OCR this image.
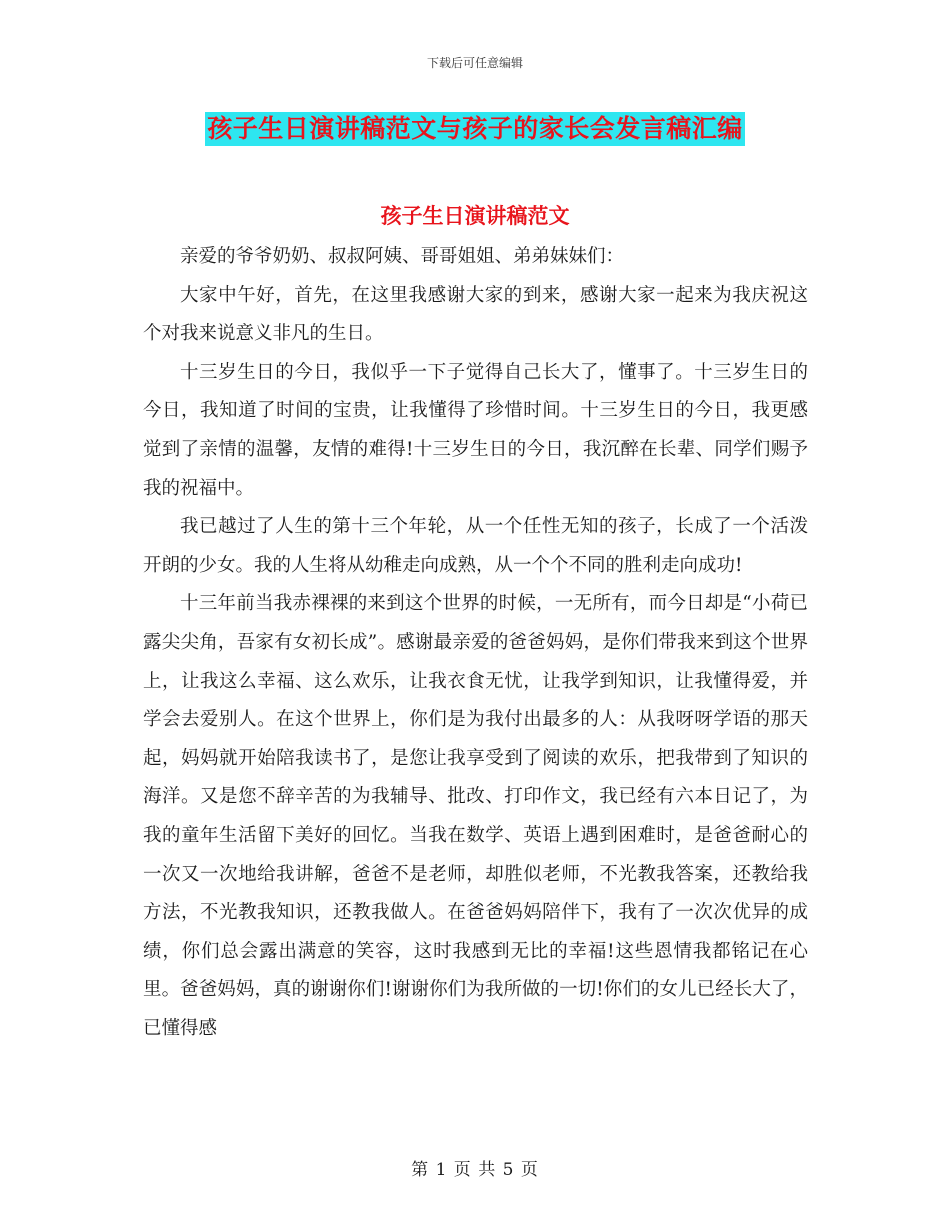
下载后可任意编辑
孩子生日演讲稿范文与孩子的家长会发言稿汇编
孩子生日演讲稿范文

亲爱的爷爷奶奶、叔叔阿姨、哥哥姐姐、弟弟妹妹们：

大家中午好，首先，在这里我感谢大家的到来，感谢大家一起来为我庆祝这个对我来说意义非凡的生日。

十三岁生日的今日，我似乎一下子觉得自己长大了，懂事了。十三岁生日的今日，我知道了时间的宝贵，让我懂得了珍惜时间。十三岁生日的今日，我更感觉到了亲情的温馨，友情的难得!十三岁生日的今日，我沉醉在长辈、同学们赐予我的祝福中。

我已越过了人生的第十三个年轮，从一个任性无知的孩子，长成了一个活泼开朗的少女。我的人生将从幼稚走向成熟，从一个个不同的胜利走向成功!

十三年前当我赤裸裸的来到这个世界的时候，一无所有，而今日却是“小荷已露尖尖角，吾家有女初长成”。感谢最亲爱的爸爸妈妈，是你们带我来到这个世界上，让我这么幸福、这么欢乐，让我衣食无忧，让我学到知识，让我懂得爱，并学会去爱别人。在这个世界上，你们是为我付出最多的人：从我呀呀学语的那天起，妈妈就开始陪我读书了，是您让我享受到了阅读的欢乐，把我带到了知识的海洋。又是您不辞辛苦的为我辅导、批改、打印作文，我已经有六本日记了，为我的童年生活留下美好的回忆。当我在数学、英语上遇到困难时，是爸爸耐心的一次又一次地给我讲解，爸爸不是老师，却胜似老师，不光教我答案，还教给我方法，不光教我知识，还教我做人。在爸爸妈妈陪伴下，我有了一次次优异的成绩，你们总会露出满意的笑容，这时我感到无比的幸福!这些恩情我都铭记在心里。爸爸妈妈，真的谢谢你们!谢谢你们为我所做的一切!你们的女儿已经长大了，已懂得感

第 1 页 共 5 页
